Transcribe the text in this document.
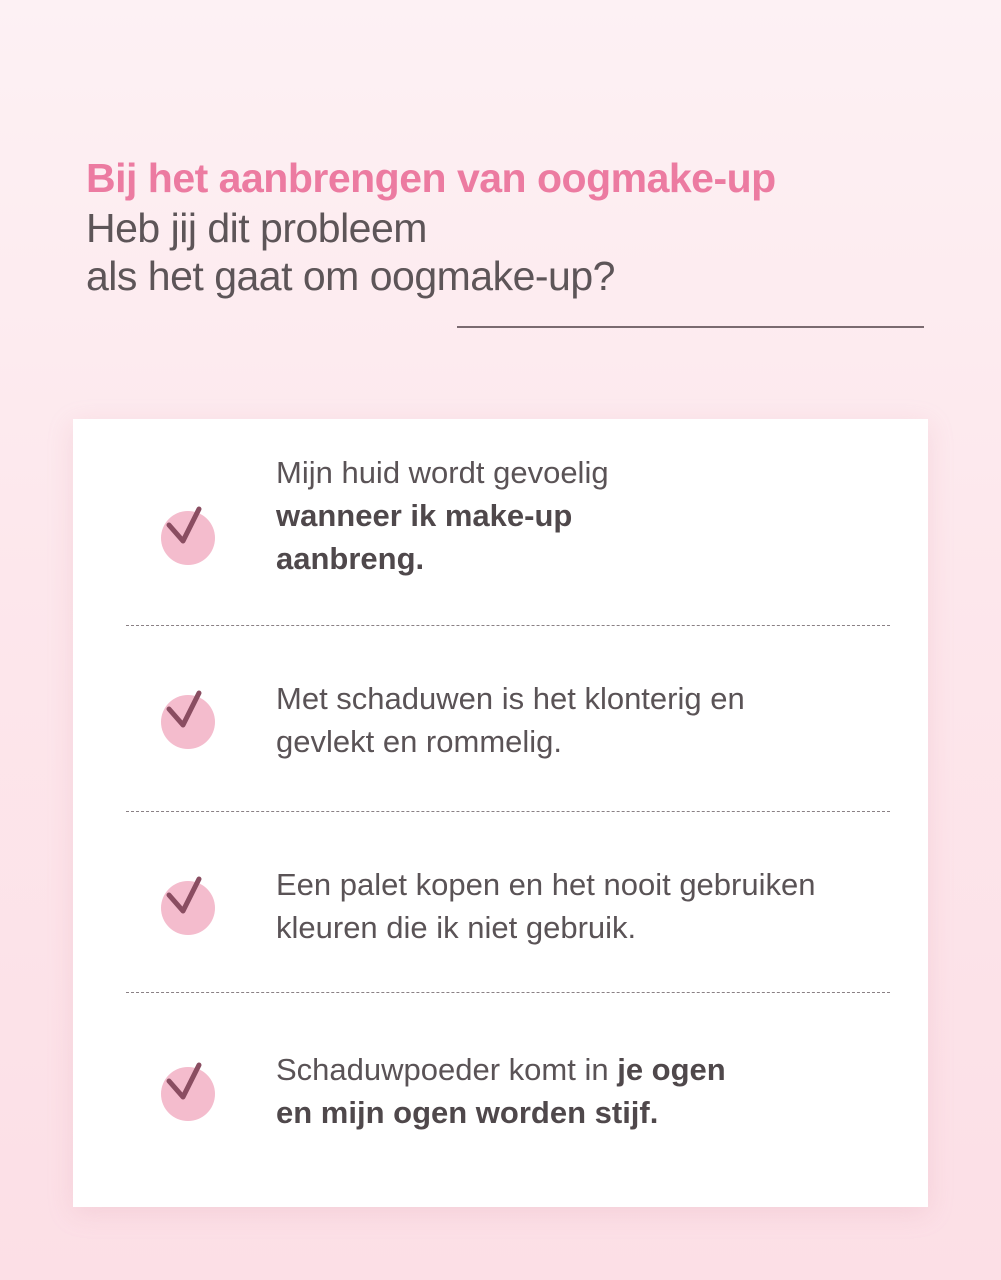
Bij het aanbrengen van oogmake-up

Heb jij dit probleem

als het gaat om oogmake-up?

Mijn huid wordt gevoelig
wanneer ik make-up aanbreng.
Met schaduwen is het klonterig en gevlekt en rommelig.
Een palet kopen en het nooit gebruiken kleuren die ik niet gebruik.
Schaduwpoeder komt in je ogen
en mijn ogen worden stijf.
